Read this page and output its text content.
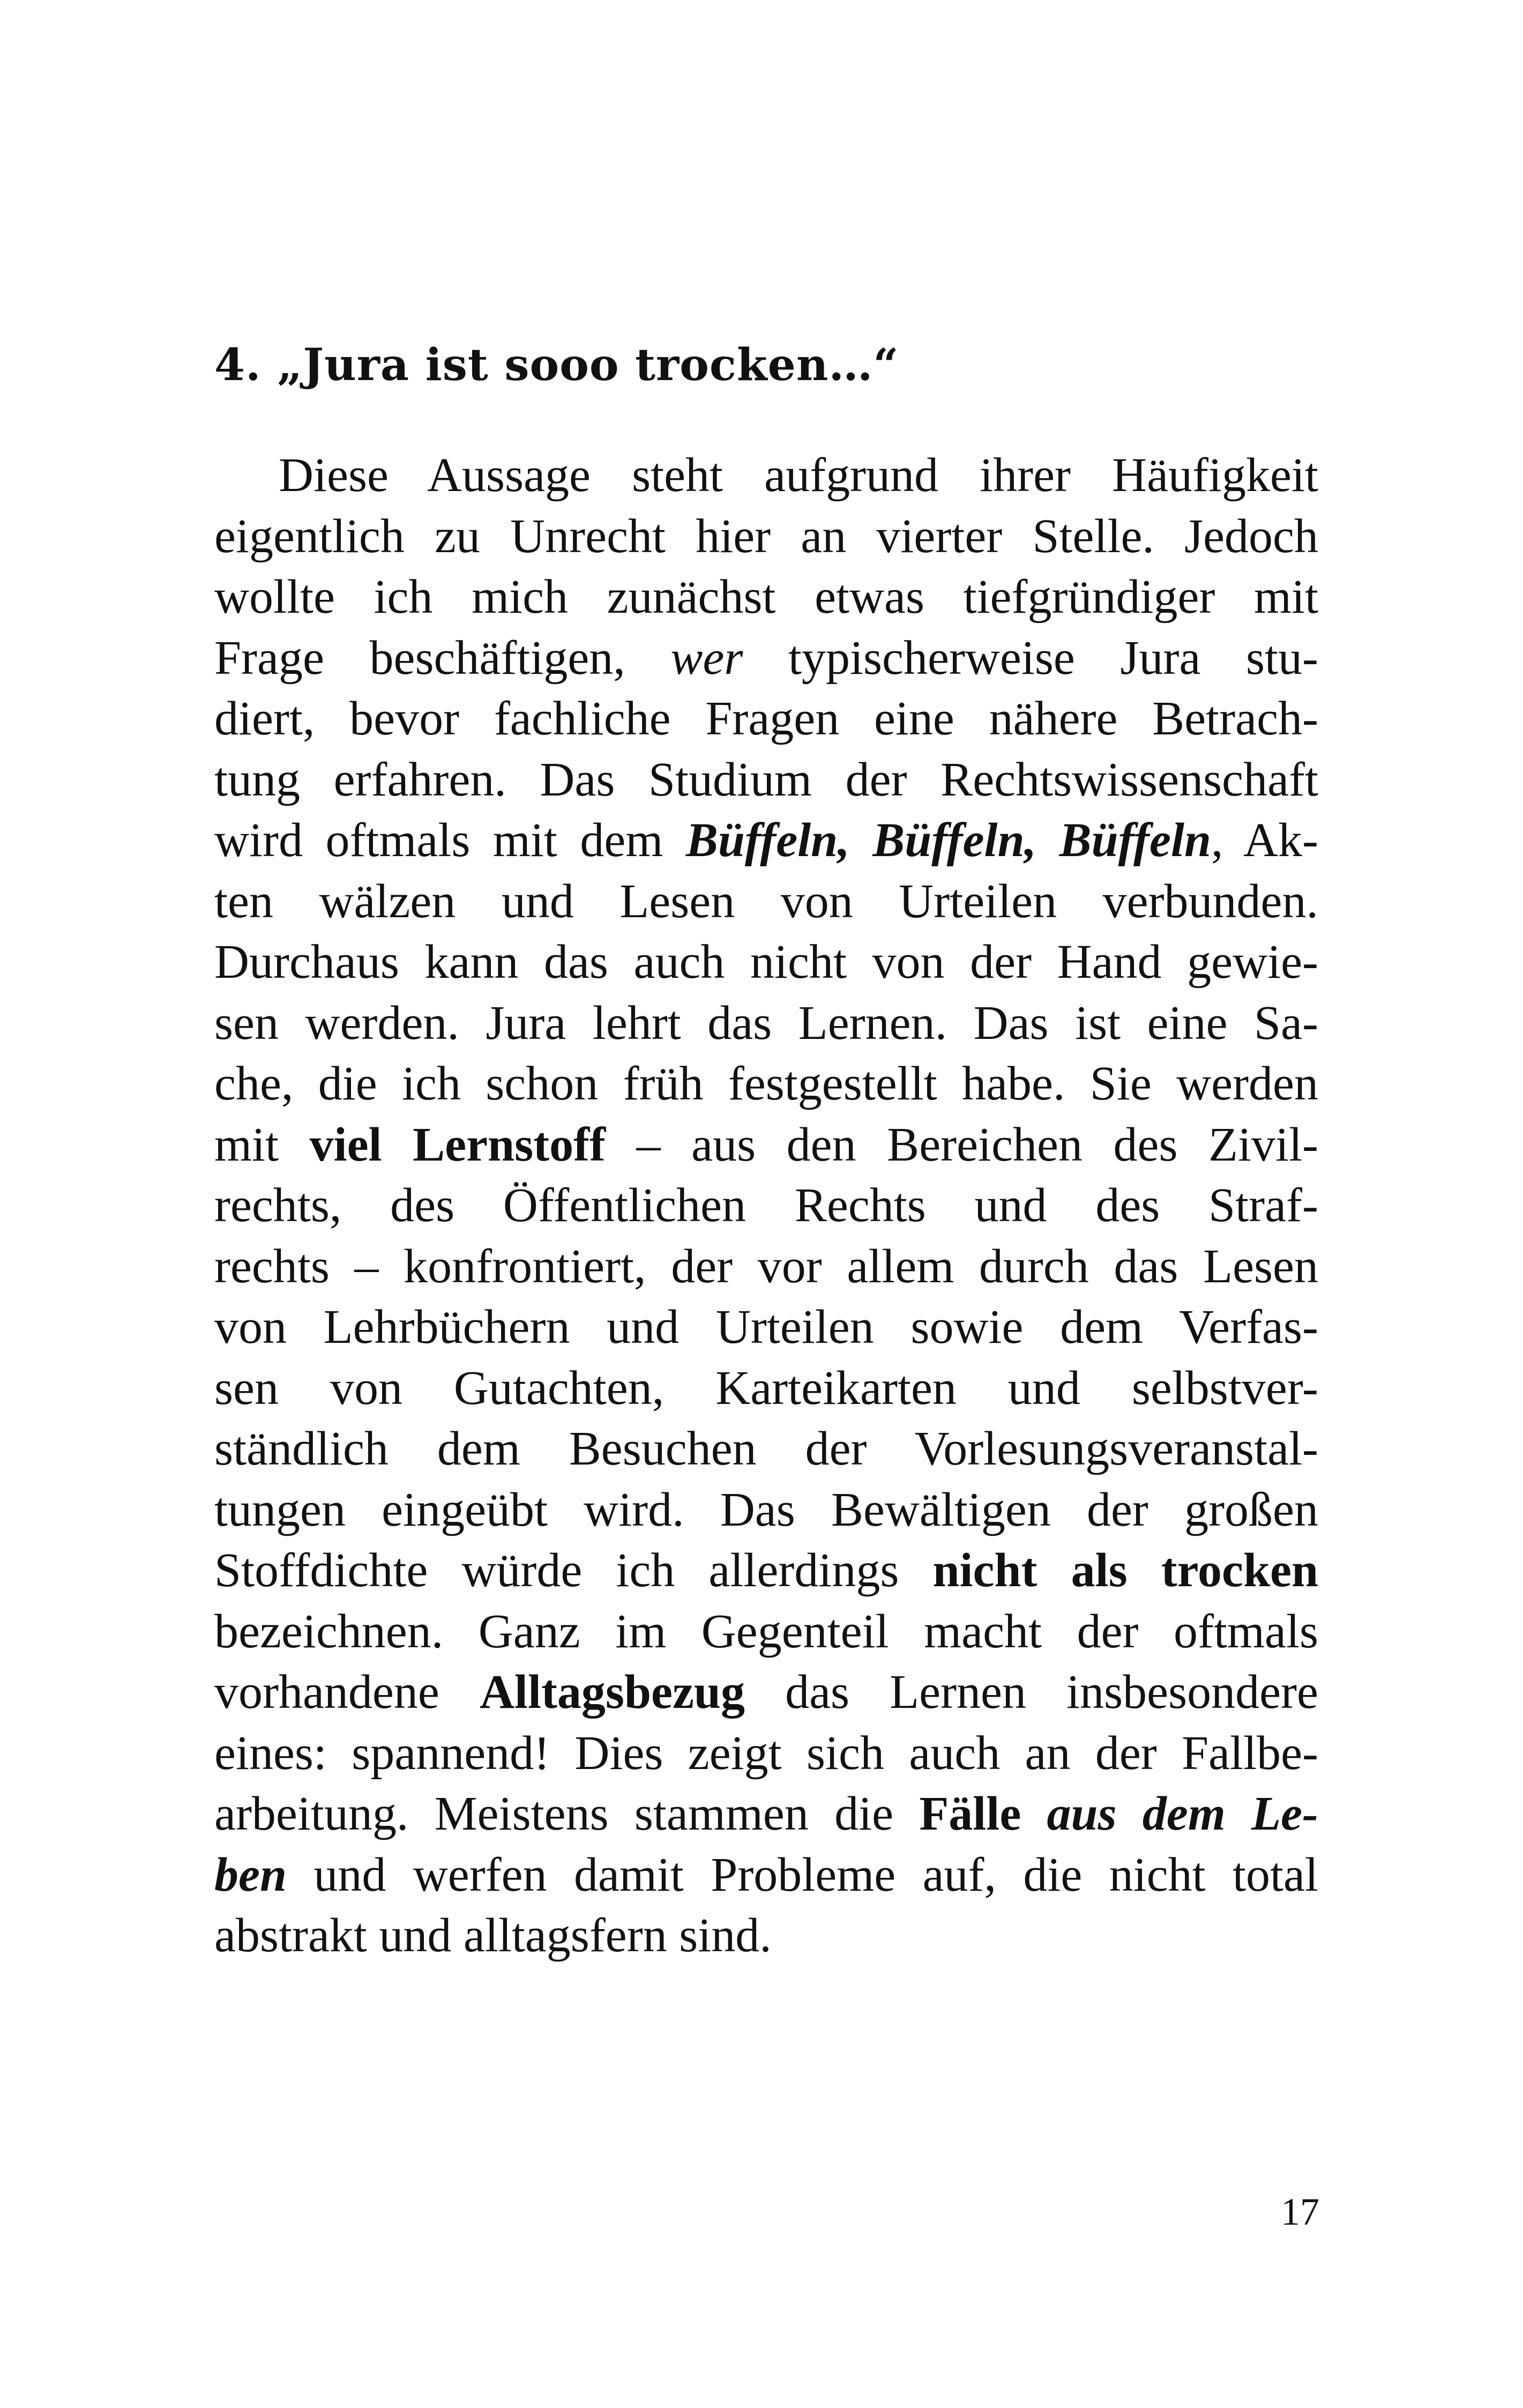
4. „Jura ist sooo trocken…“
Diese Aussage steht aufgrund ihrer Häufigkeit
eigentlich zu Unrecht hier an vierter Stelle. Jedoch
wollte ich mich zunächst etwas tiefgründiger mit
Frage beschäftigen, wer typischerweise Jura stu-
diert, bevor fachliche Fragen eine nähere Betrach-
tung erfahren. Das Studium der Rechtswissenschaft
wird oftmals mit dem Büffeln, Büffeln, Büffeln, Ak-
ten wälzen und Lesen von Urteilen verbunden.
Durchaus kann das auch nicht von der Hand gewie-
sen werden. Jura lehrt das Lernen. Das ist eine Sa-
che, die ich schon früh festgestellt habe. Sie werden
mit viel Lernstoff – aus den Bereichen des Zivil-
rechts, des Öffentlichen Rechts und des Straf-
rechts – konfrontiert, der vor allem durch das Lesen
von Lehrbüchern und Urteilen sowie dem Verfas-
sen von Gutachten, Karteikarten und selbstver-
ständlich dem Besuchen der Vorlesungsveranstal-
tungen eingeübt wird. Das Bewältigen der großen
Stoffdichte würde ich allerdings nicht als trocken
bezeichnen. Ganz im Gegenteil macht der oftmals
vorhandene Alltagsbezug das Lernen insbesondere
eines: spannend! Dies zeigt sich auch an der Fallbe-
arbeitung. Meistens stammen die Fälle aus dem Le-
ben und werfen damit Probleme auf, die nicht total
abstrakt und alltagsfern sind.
17
